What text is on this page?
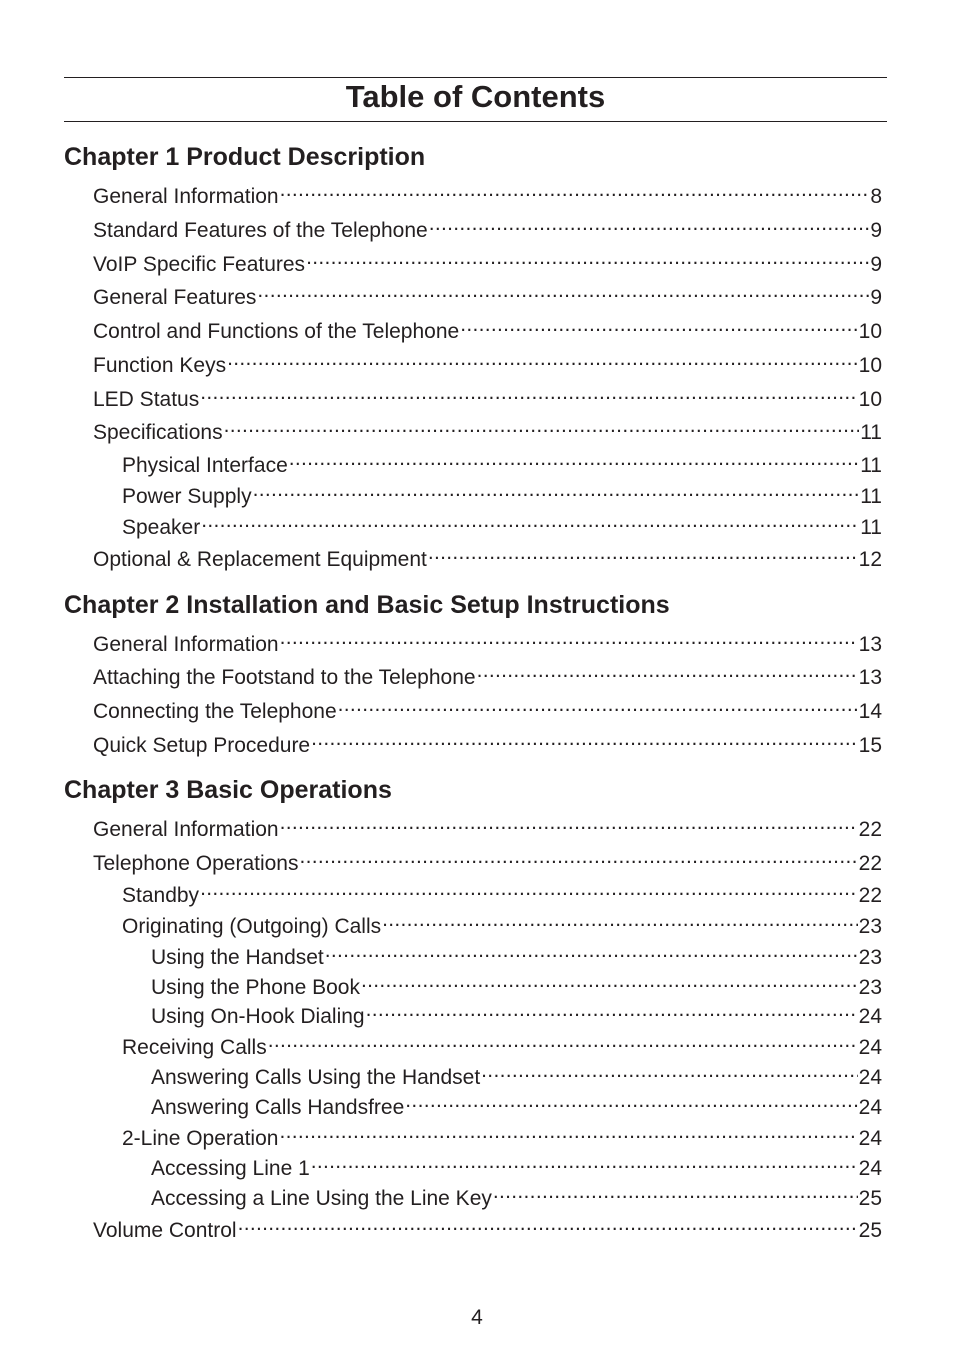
Table of Contents
Chapter 1 Product Description
General Information .....	8
Standard Features of the Telephone .....	9
VoIP Specific Features .....	9
General Features .....	9
Control and Functions of the Telephone .....	10
Function Keys .....	10
LED Status .....	10
Specifications .....	11
Physical Interface .....	11
Power Supply .....	11
Speaker .....	11
Optional & Replacement Equipment .....	12
Chapter 2 Installation and Basic Setup Instructions
General Information .....	13
Attaching the Footstand to the Telephone .....	13
Connecting the Telephone .....	14
Quick Setup Procedure .....	15
Chapter 3 Basic Operations
General Information .....	22
Telephone Operations .....	22
Standby .....	22
Originating (Outgoing) Calls .....	23
Using the Handset .....	23
Using the Phone Book .....	23
Using On-Hook Dialing .....	24
Receiving Calls .....	24
Answering Calls Using the Handset .....	24
Answering Calls Handsfree .....	24
2-Line Operation .....	24
Accessing Line 1 .....	24
Accessing a Line Using the Line Key .....	25
Volume Control .....	25
4
